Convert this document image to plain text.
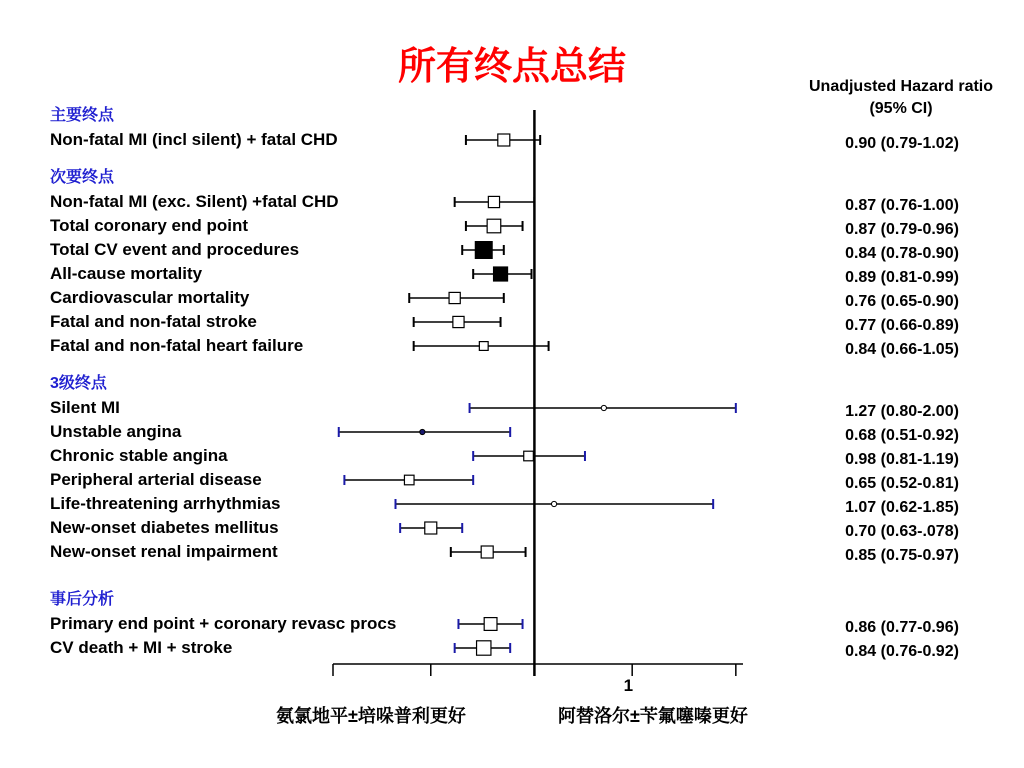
所有终点总结	Unadjusted Hazard ratio (95% CI)
主要终点
Non-fatal MI (incl silent) + fatal CHD
次要终点
Non-fatal MI (exc. Silent) +fatal CHD
Total coronary end point
Total CV event and procedures
All-cause mortality
Cardiovascular mortality
Fatal and non-fatal stroke
Fatal and non-fatal heart failure
3级终点
Silent MI
Unstable angina
Chronic stable angina
Peripheral arterial disease
Life-threatening arrhythmias
New-onset diabetes mellitus
New-onset renal impairment
事后分析
Primary end point + coronary revasc procs
CV death + MI + stroke
0.90 (0.79-1.02)
0.87 (0.76-1.00)
0.87 (0.79-0.96)
0.84 (0.78-0.90)
0.89 (0.81-0.99)
0.76 (0.65-0.90)
0.77 (0.66-0.89)
0.84 (0.66-1.05)
1.27 (0.80-2.00)
0.68 (0.51-0.92)
0.98 (0.81-1.19)
0.65 (0.52-0.81)
1.07 (0.62-1.85)
0.70 (0.63-.078)
0.85 (0.75-0.97)
0.86 (0.77-0.96)
0.84 (0.76-0.92)
1
氨氯地平±培哚普利更好	阿替洛尔±苄氟噻嗪更好
